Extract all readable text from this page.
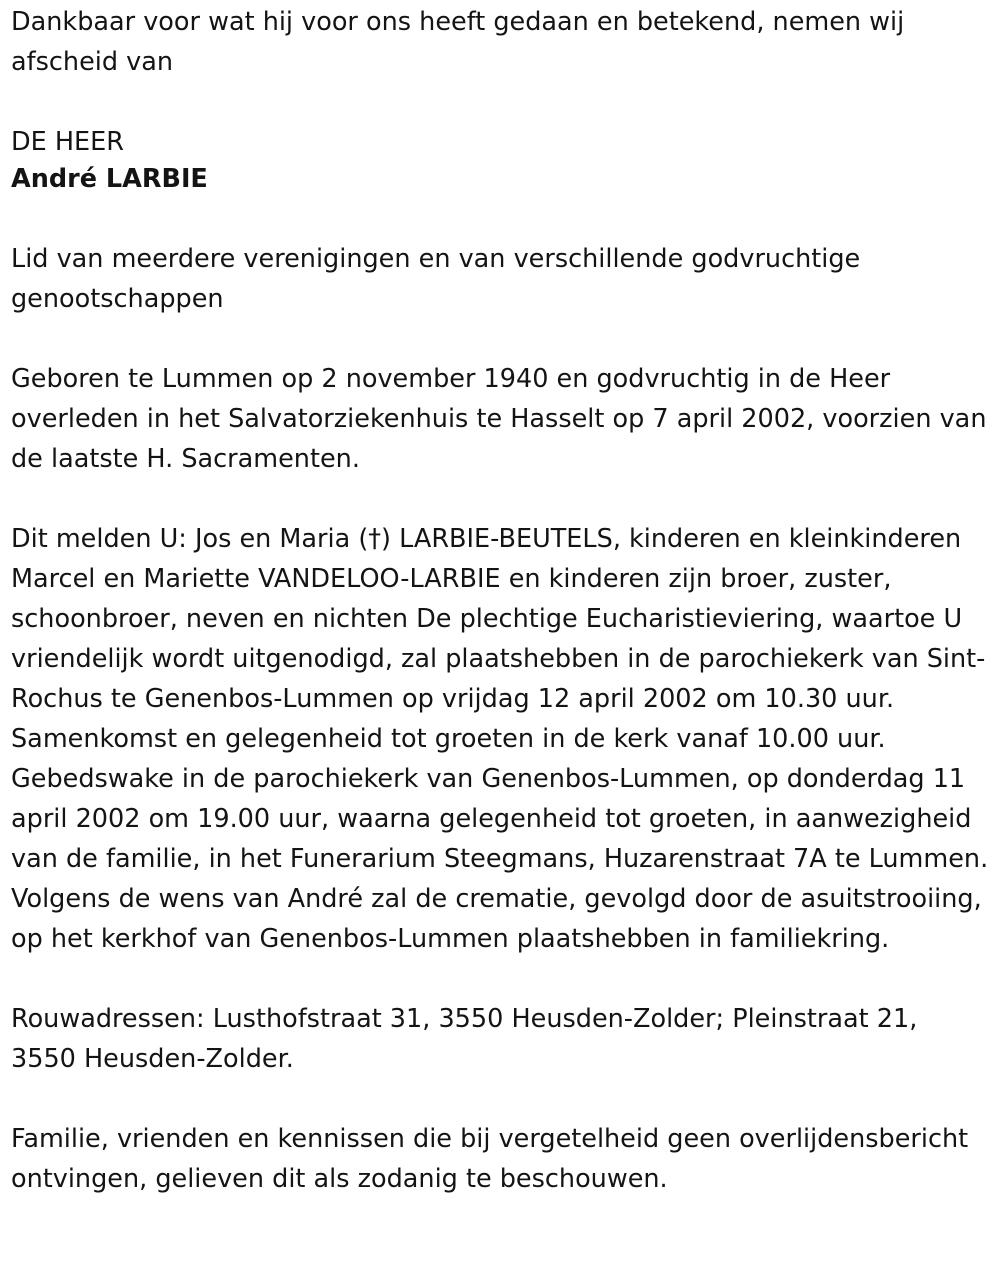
Dankbaar voor wat hij voor ons heeft gedaan en betekend, nemen wij afscheid van

DE HEER

André LARBIE

Lid van meerdere verenigingen en van verschillende godvruchtige genootschappen

Geboren te Lummen op 2 november 1940 en godvruchtig in de Heer overleden in het Salvatorziekenhuis te Hasselt op 7 april 2002, voorzien van de laatste H. Sacramenten.

Dit melden U: Jos en Maria (†) LARBIE-BEUTELS, kinderen en kleinkinderen Marcel en Mariette VANDELOO-LARBIE en kinderen zijn broer, zuster, schoonbroer, neven en nichten De plechtige Eucharistieviering, waartoe U vriendelijk wordt uitgenodigd, zal plaatshebben in de parochiekerk van Sint-Rochus te Genenbos-Lummen op vrijdag 12 april 2002 om 10.30 uur. Samenkomst en gelegenheid tot groeten in de kerk vanaf 10.00 uur. Gebedswake in de parochiekerk van Genenbos-Lummen, op donderdag 11 april 2002 om 19.00 uur, waarna gelegenheid tot groeten, in aanwezigheid van de familie, in het Funerarium Steegmans, Huzarenstraat 7A te Lummen. Volgens de wens van André zal de crematie, gevolgd door de asuitstrooiing, op het kerkhof van Genenbos-Lummen plaatshebben in familiekring.

Rouwadressen: Lusthofstraat 31, 3550 Heusden-Zolder; Pleinstraat 21, 3550 Heusden-Zolder.

Familie, vrienden en kennissen die bij vergetelheid geen overlijdensbericht ontvingen, gelieven dit als zodanig te beschouwen.
